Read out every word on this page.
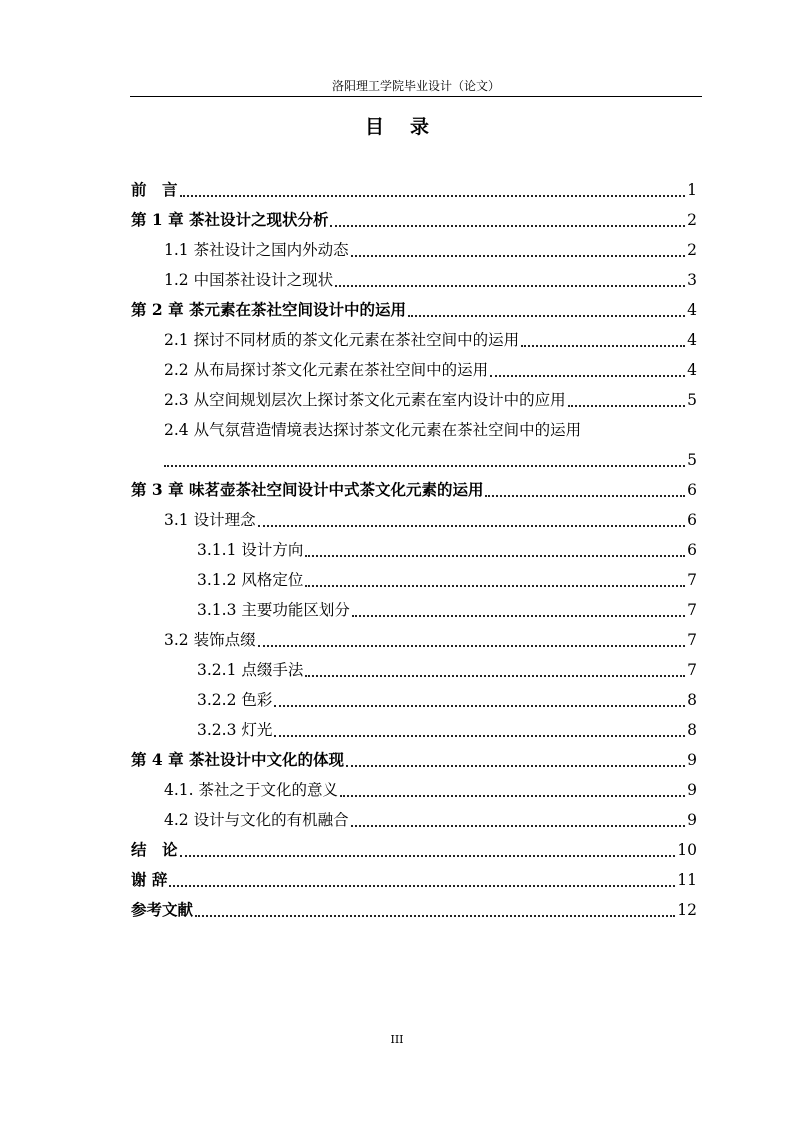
洛阳理工学院毕业设计（论文）
目 录
前　言	1
第 1 章 茶社设计之现状分析	2
1.1 茶社设计之国内外动态	2
1.2 中国茶社设计之现状	3
第 2 章 茶元素在茶社空间设计中的运用	4
2.1 探讨不同材质的茶文化元素在茶社空间中的运用	4
2.2 从布局探讨茶文化元素在茶社空间中的运用	4
2.3 从空间规划层次上探讨茶文化元素在室内设计中的应用	5
2.4 从气氛营造情境表达探讨茶文化元素在茶社空间中的运用
5
第 3 章 味茗壶茶社空间设计中式茶文化元素的运用	6
3.1 设计理念	6
3.1.1 设计方向	6
3.1.2 风格定位	7
3.1.3 主要功能区划分	7
3.2 装饰点缀	7
3.2.1 点缀手法	7
3.2.2 色彩	8
3.2.3 灯光	8
第 4 章 茶社设计中文化的体现	9
4.1. 茶社之于文化的意义	9
4.2 设计与文化的有机融合	9
结　论	10
谢 辞	11
参考文献	12
III
